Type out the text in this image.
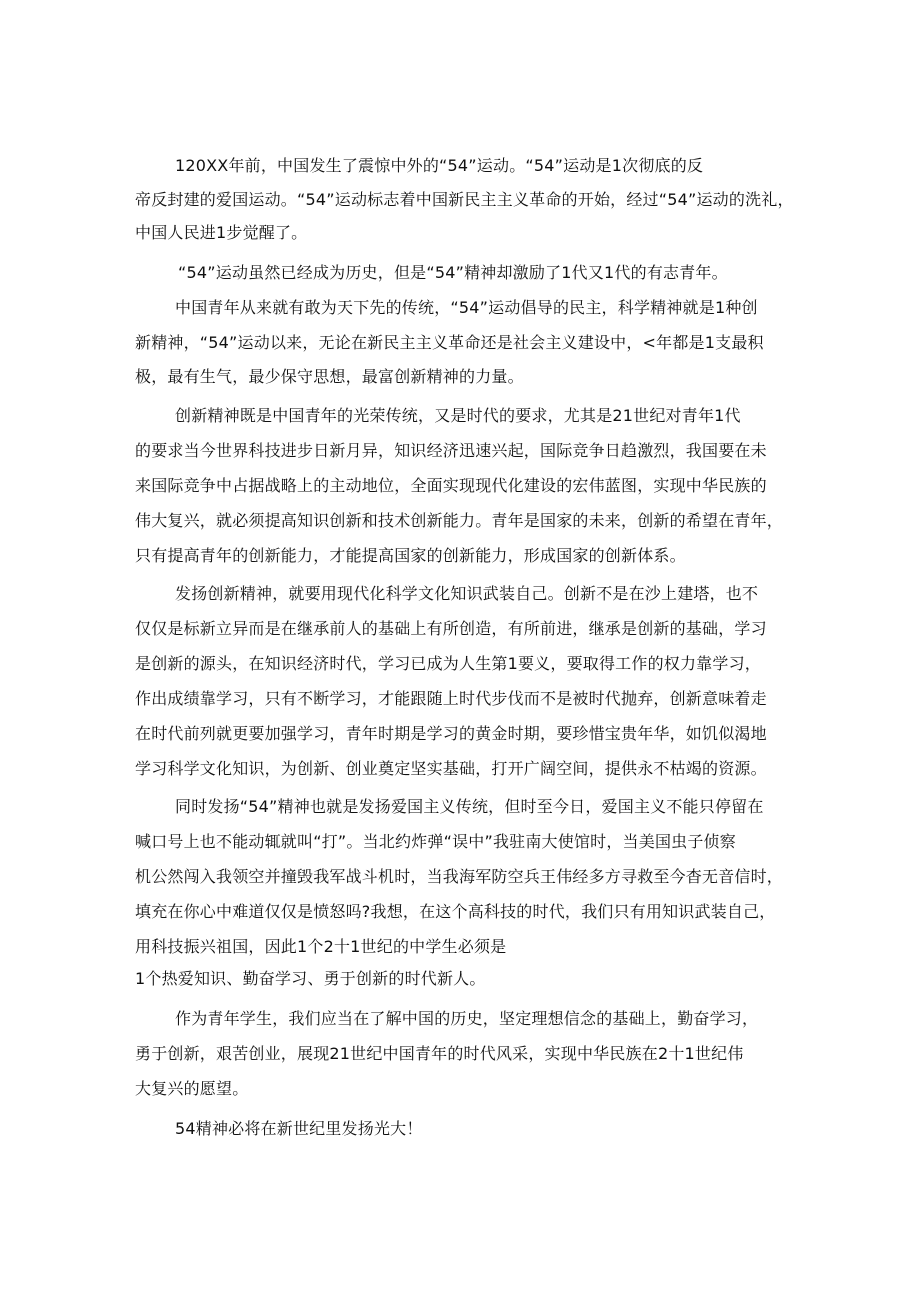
120XX年前，中国发生了震惊中外的“54”运动。“54”运动是1次彻底的反
帝反封建的爱国运动。“54”运动标志着中国新民主主义革命的开始，经过“54”运动的洗礼，
中国人民进1步觉醒了。
“54”运动虽然已经成为历史，但是“54”精神却激励了1代又1代的有志青年。
中国青年从来就有敢为天下先的传统，“54”运动倡导的民主，科学精神就是1种创
新精神，“54”运动以来，无论在新民主主义革命还是社会主义建设中，<年都是1支最积
极，最有生气，最少保守思想，最富创新精神的力量。
创新精神既是中国青年的光荣传统，又是时代的要求，尤其是21世纪对青年1代
的要求当今世界科技进步日新月异，知识经济迅速兴起，国际竞争日趋激烈，我国要在未
来国际竞争中占据战略上的主动地位，全面实现现代化建设的宏伟蓝图，实现中华民族的
伟大复兴，就必须提高知识创新和技术创新能力。青年是国家的未来，创新的希望在青年，
只有提高青年的创新能力，才能提高国家的创新能力，形成国家的创新体系。
发扬创新精神，就要用现代化科学文化知识武装自己。创新不是在沙上建塔，也不
仅仅是标新立异而是在继承前人的基础上有所创造，有所前进，继承是创新的基础，学习
是创新的源头，在知识经济时代，学习已成为人生第1要义，要取得工作的权力靠学习，
作出成绩靠学习，只有不断学习，才能跟随上时代步伐而不是被时代抛弃，创新意味着走
在时代前列就更要加强学习，青年时期是学习的黄金时期，要珍惜宝贵年华，如饥似渴地
学习科学文化知识，为创新、创业奠定坚实基础，打开广阔空间，提供永不枯竭的资源。
同时发扬“54”精神也就是发扬爱国主义传统，但时至今日，爱国主义不能只停留在
喊口号上也不能动辄就叫“打”。当北约炸弹“误中”我驻南大使馆时，当美国虫子侦察
机公然闯入我领空并撞毁我军战斗机时，当我海军防空兵王伟经多方寻救至今杳无音信时，
填充在你心中难道仅仅是愤怒吗?我想，在这个高科技的时代，我们只有用知识武装自己，
用科技振兴祖国，因此1个2十1世纪的中学生必须是
1个热爱知识、勤奋学习、勇于创新的时代新人。
作为青年学生，我们应当在了解中国的历史，坚定理想信念的基础上，勤奋学习，
勇于创新，艰苦创业，展现21世纪中国青年的时代风采，实现中华民族在2十1世纪伟
大复兴的愿望。
54精神必将在新世纪里发扬光大！
